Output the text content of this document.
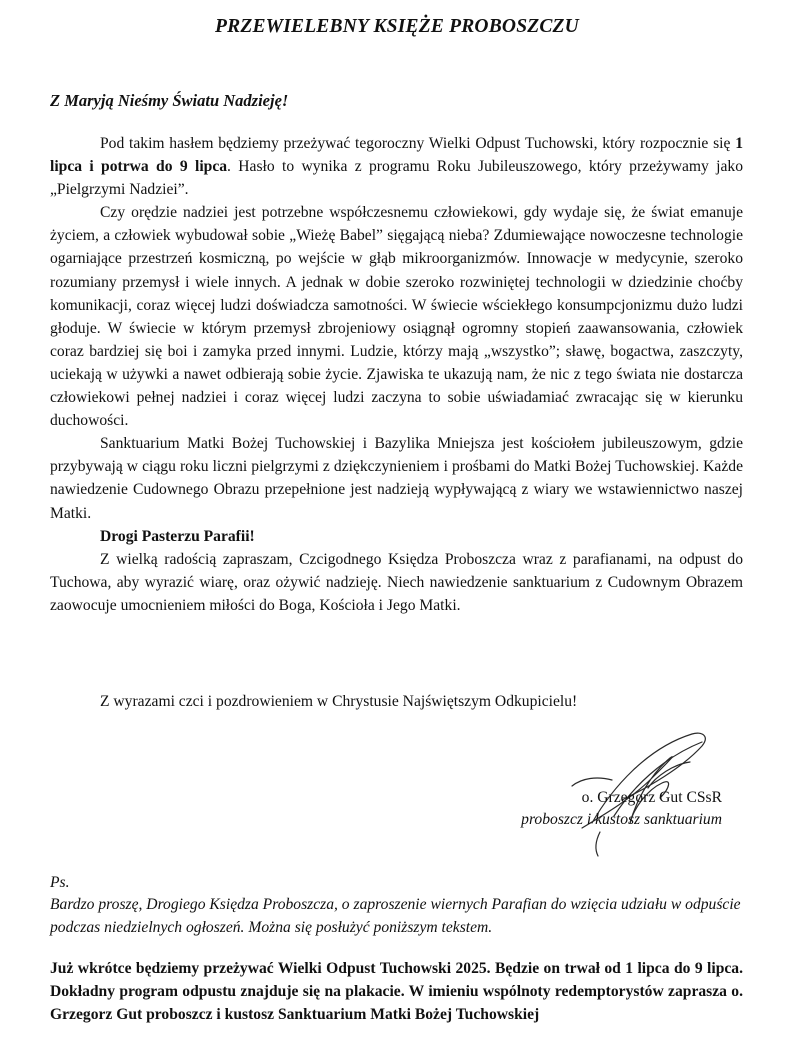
PRZEWIELEBNY KSIĘŻE PROBOSZCZU
Z Maryją Nieśmy Światu Nadzieję!

Pod takim hasłem będziemy przeżywać tegoroczny Wielki Odpust Tuchowski, który rozpocznie się 1 lipca i potrwa do 9 lipca. Hasło to wynika z programu Roku Jubileuszowego, który przeżywamy jako „Pielgrzymi Nadziei”.

Czy orędzie nadziei jest potrzebne współczesnemu człowiekowi, gdy wydaje się, że świat emanuje życiem, a człowiek wybudował sobie „Wieżę Babel” sięgającą nieba? Zdumiewające nowoczesne technologie ogarniające przestrzeń kosmiczną, po wejście w głąb mikroorganizmów. Innowacje w medycynie, szeroko rozumiany przemysł i wiele innych. A jednak w dobie szeroko rozwiniętej technologii w dziedzinie choćby komunikacji, coraz więcej ludzi doświadcza samotności. W świecie wściekłego konsumpcjonizmu dużo ludzi głoduje. W świecie w którym przemysł zbrojeniowy osiągnął ogromny stopień zaawansowania, człowiek coraz bardziej się boi i zamyka przed innymi. Ludzie, którzy mają „wszystko”; sławę, bogactwa, zaszczyty, uciekają w używki a nawet odbierają sobie życie. Zjawiska te ukazują nam, że nic z tego świata nie dostarcza człowiekowi pełnej nadziei i coraz więcej ludzi zaczyna to sobie uświadamiać zwracając się w kierunku duchowości.

Sanktuarium Matki Bożej Tuchowskiej i Bazylika Mniejsza jest kościołem jubileuszowym, gdzie przybywają w ciągu roku liczni pielgrzymi z dziękczynieniem i prośbami do Matki Bożej Tuchowskiej. Każde nawiedzenie Cudownego Obrazu przepełnione jest nadzieją wypływającą z wiary we wstawiennictwo naszej Matki.

Drogi Pasterzu Parafii!

Z wielką radością zapraszam, Czcigodnego Księdza Proboszcza wraz z parafianami, na odpust do Tuchowa, aby wyrazić wiarę, oraz ożywić nadzieję. Niech nawiedzenie sanktuarium z Cudownym Obrazem zaowocuje umocnieniem miłości do Boga, Kościoła i Jego Matki.

Z wyrazami czci i pozdrowieniem w Chrystusie Najświętszym Odkupicielu!

o. Grzegorz Gut CSsR
proboszcz i kustosz sanktuarium

Ps.

Bardzo proszę, Drogiego Księdza Proboszcza, o zaproszenie wiernych Parafian do wzięcia udziału w odpuście podczas niedzielnych ogłoszeń. Można się posłużyć poniższym tekstem.

Już wkrótce będziemy przeżywać Wielki Odpust Tuchowski 2025. Będzie on trwał od 1 lipca do 9 lipca. Dokładny program odpustu znajduje się na plakacie. W imieniu wspólnoty redemptorystów zaprasza o. Grzegorz Gut proboszcz i kustosz Sanktuarium Matki Bożej Tuchowskiej
